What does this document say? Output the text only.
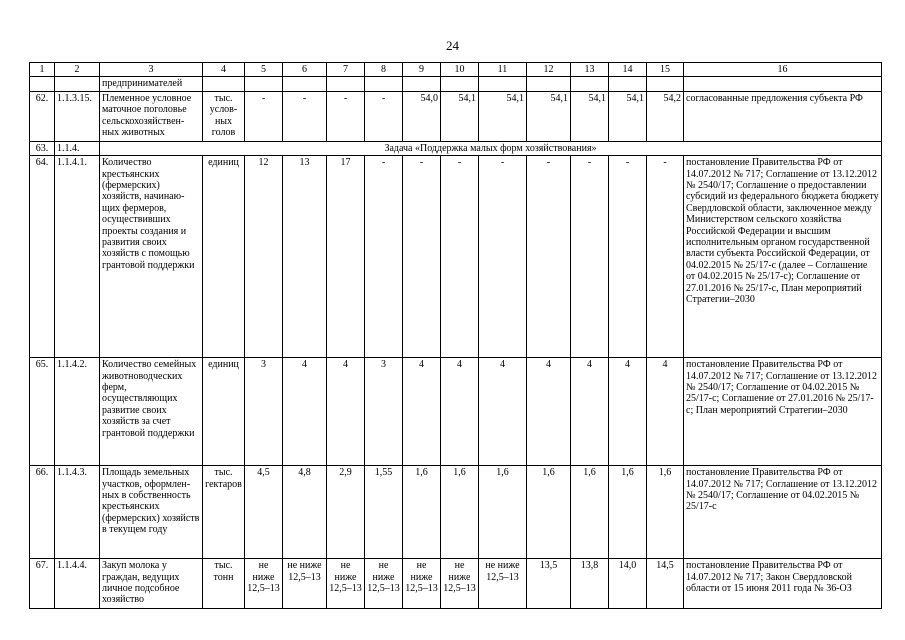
24
1	2	3	4	5	6	7	8	9	10	11	12	13	14	15	16
		предпринимателей													
62.	1.1.3.15.	Племенное условное маточное поголовье сельскохозяйствен-ных животных	тыс. услов-ных голов	-	-	-	-	54,0	54,1	54,1	54,1	54,1	54,1	54,2	согласованные предложения субъекта РФ
63.	1.1.4.	Задача «Поддержка малых форм хозяйствования»													
64.	1.1.4.1.	Количество крестьянских (фермерских) хозяйств, начинаю-щих фермеров, осуществивших проекты создания и развития своих хозяйств с помощью грантовой поддержки	единиц	12	13	17	-	-	-	-	-	-	-	-	постановление Правительства РФ от 14.07.2012 № 717; Соглашение от 13.12.2012 № 2540/17; Соглашение о предоставлении субсидий из федерального бюджета бюджету Свердловской области, заключенное между Министерством сельского хозяйства Российской Федерации и высшим исполнительным органом государственной власти субъекта Российской Федерации, от 04.02.2015 № 25/17-с (далее – Соглашение от 04.02.2015 № 25/17-с); Соглашение от 27.01.2016 № 25/17-с, План мероприятий Стратегии–2030
65.	1.1.4.2.	Количество семейных животноводческих ферм, осуществляющих развитие своих хозяйств за счет грантовой поддержки	единиц	3	4	4	3	4	4	4	4	4	4	4	постановление Правительства РФ от 14.07.2012 № 717; Соглашение от 13.12.2012 № 2540/17; Соглашение от 04.02.2015 № 25/17-с; Соглашение от 27.01.2016 № 25/17-с; План мероприятий Стратегии–2030
66.	1.1.4.3.	Площадь земельных участков, оформлен-ных в собственность крестьянских (фермерских) хозяйств в текущем году	тыс. гектаров	4,5	4,8	2,9	1,55	1,6	1,6	1,6	1,6	1,6	1,6	1,6	постановление Правительства РФ от 14.07.2012 № 717; Соглашение от 13.12.2012 № 2540/17; Соглашение от 04.02.2015 № 25/17-с
67.	1.1.4.4.	Закуп молока у граждан, ведущих личное подсобное хозяйство	тыс. тонн	не ниже 12,5–13	не ниже 12,5–13	не ниже 12,5–13	не ниже 12,5–13	не ниже 12,5–13	не ниже 12,5–13	не ниже 12,5–13	13,5	13,8	14,0	14,5	постановление Правительства РФ от 14.07.2012 № 717; Закон Свердловской области от 15 июня 2011 года № 36-ОЗ
